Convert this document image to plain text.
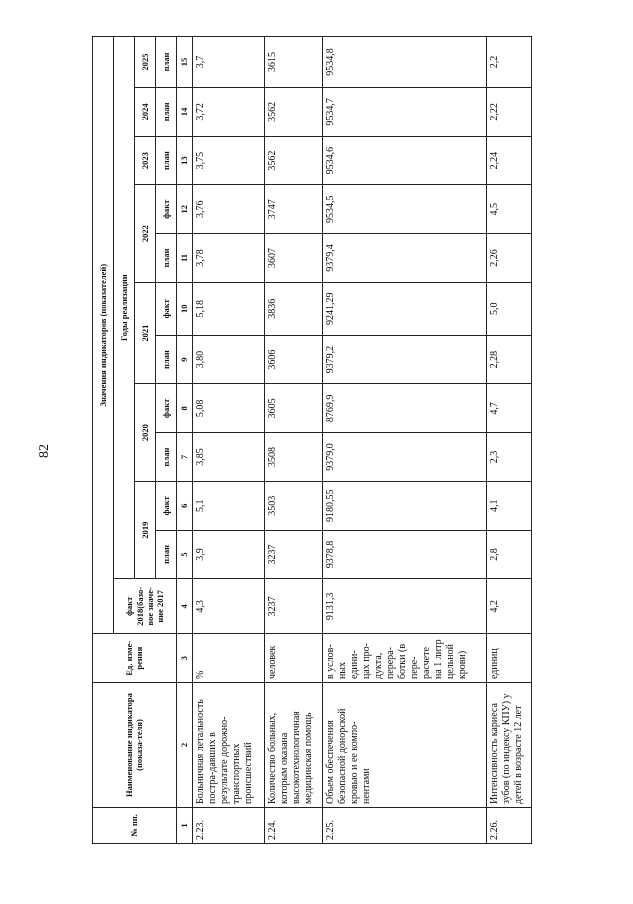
82
№ пп.	Наименование индикатора (показа-теля)	Ед. изме-рения	Значения индикаторов (показателей)											
			факт 2018(базо-вое значе-ние 2017	Годы реализации										
				2019		2020		2021		2022		2023	2024	2025
				план	факт	план	факт	план	факт	план	факт	план	план	план
1	2	3	4	5	6	7	8	9	10	11	12	13	14	15
2.23.	Больничная летальность постра-давших в результате дорожно-транспортных происшествий	%	4,3	3,9	5,1	3,85	5,08	3,80	5,18	3,78	3,76	3,75	3,72	3,7
2.24.	Количество больных, которым оказана высокотехнологичная медицинская помощь	человек	3237	3237	3503	3508	3605	3606	3836	3607	3747	3562	3562	3615
2.25.	Объем обеспечения безопасной донорской кровью и ее компо-нентами	в услов-ных едини-цах про-дукта, перера-ботки (в пере-расчете на 1 литр цельной крови)	9131,3	9378,8	9180,55	9379,0	8769,9	9379,2	9241,29	9379,4	9534,5	9534,6	9534,7	9534,8
2.26.	Интенсивность кариеса зубов (по индексу КПУ) у детей в возрасте 12 лет	единиц	4,2	2,8	4,1	2,3	4,7	2,28	5,0	2,26	4,5	2,24	2,22	2,2
